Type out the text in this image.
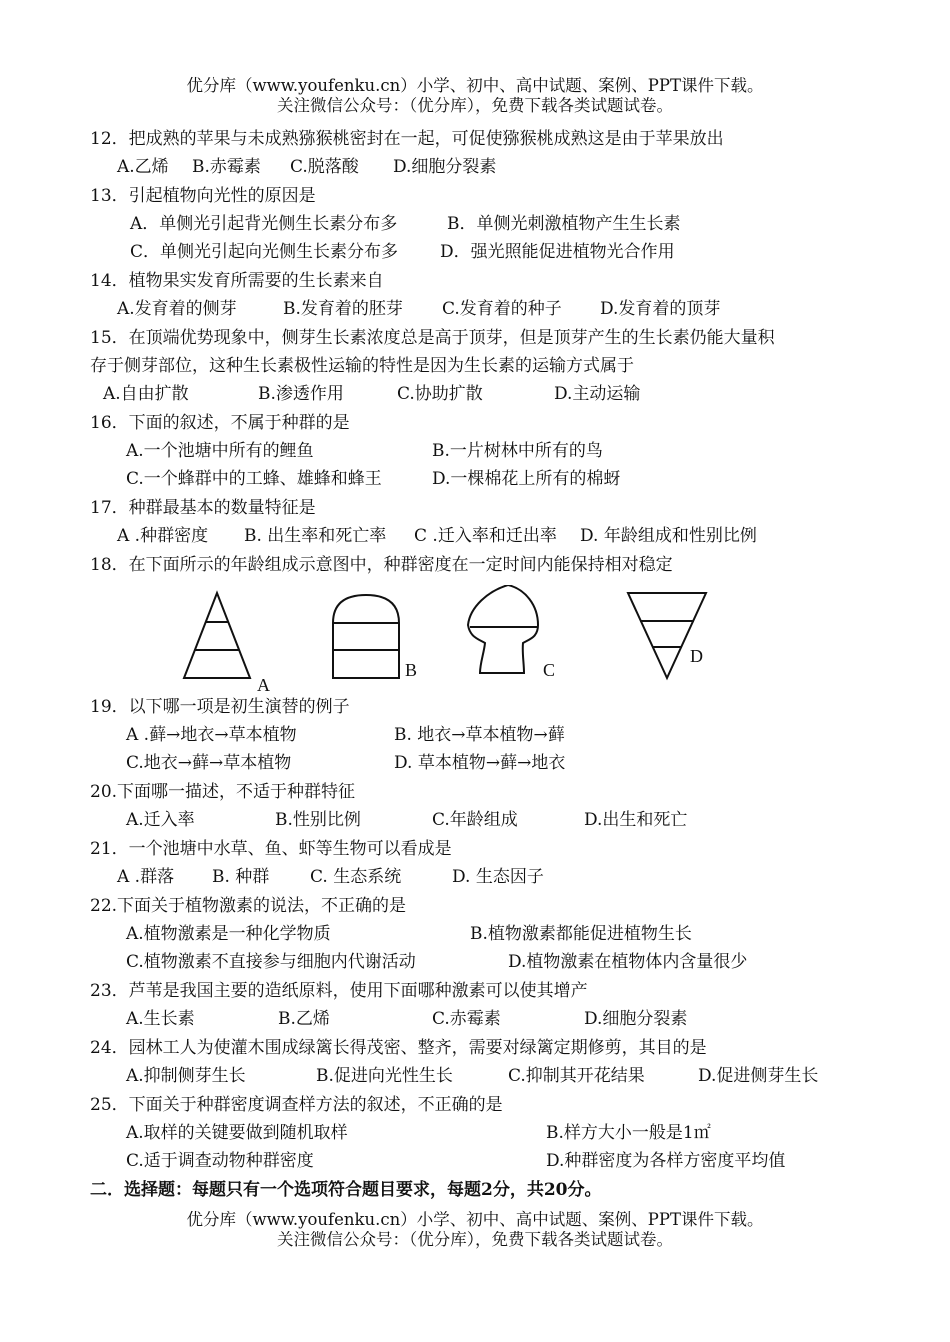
优分库（www.youfenku.cn）小学、初中、高中试题、案例、PPT课件下载。
关注微信公众号：（优分库），免费下载各类试题试卷。
12．把成熟的苹果与未成熟猕猴桃密封在一起，可促使猕猴桃成熟这是由于苹果放出
A.乙烯 B.赤霉素 C.脱落酸 D.细胞分裂素
13．引起植物向光性的原因是
A．单侧光引起背光侧生长素分布多	B．单侧光刺激植物产生生长素
C．单侧光引起向光侧生长素分布多 D．强光照能促进植物光合作用
14．植物果实发育所需要的生长素来自
A.发育着的侧芽	B.发育着的胚芽 C.发育着的种子 D.发育着的顶芽
15．在顶端优势现象中，侧芽生长素浓度总是高于顶芽，但是顶芽产生的生长素仍能大量积
存于侧芽部位，这种生长素极性运输的特性是因为生长素的运输方式属于
A.自由扩散	B.渗透作用	C.协助扩散	D.主动运输
16．下面的叙述，不属于种群的是
A.一个池塘中所有的鲤鱼	B.一片树林中所有的鸟
C.一个蜂群中的工蜂、雄蜂和蜂王	D.一棵棉花上所有的棉蚜
17．种群最基本的数量特征是
A .种群密度 B. 出生率和死亡率 C .迁入率和迁出率 D. 年龄组成和性别比例
18．在下面所示的年龄组成示意图中，种群密度在一定时间内能保持相对稳定
A
B	C
D
19．以下哪一项是初生演替的例子
A .藓→地衣→草本植物	B. 地衣→草本植物→藓
C.地衣→藓→草本植物	D. 草本植物→藓→地衣
20.下面哪一描述，不适于种群特征
A.迁入率	B.性别比例	C.年龄组成	D.出生和死亡
21．一个池塘中水草、鱼、虾等生物可以看成是
A .群落 B. 种群 C. 生态系统	D. 生态因子
22.下面关于植物激素的说法，不正确的是
A.植物激素是一种化学物质	B.植物激素都能促进植物生长
C.植物激素不直接参与细胞内代谢活动	D.植物激素在植物体内含量很少
23．芦苇是我国主要的造纸原料，使用下面哪种激素可以使其增产
A.生长素	B.乙烯	C.赤霉素	D.细胞分裂素
24．园林工人为使灌木围成绿篱长得茂密、整齐，需要对绿篱定期修剪，其目的是
A.抑制侧芽生长	B.促进向光性生长	C.抑制其开花结果	D.促进侧芽生长
25．下面关于种群密度调查样方法的叙述，不正确的是
A.取样的关键要做到随机取样	B.样方大小一般是1㎡
C.适于调查动物种群密度	D.种群密度为各样方密度平均值
二．选择题：每题只有一个选项符合题目要求，每题2分，共20分。
优分库（www.youfenku.cn）小学、初中、高中试题、案例、PPT课件下载。
关注微信公众号：（优分库），免费下载各类试题试卷。
